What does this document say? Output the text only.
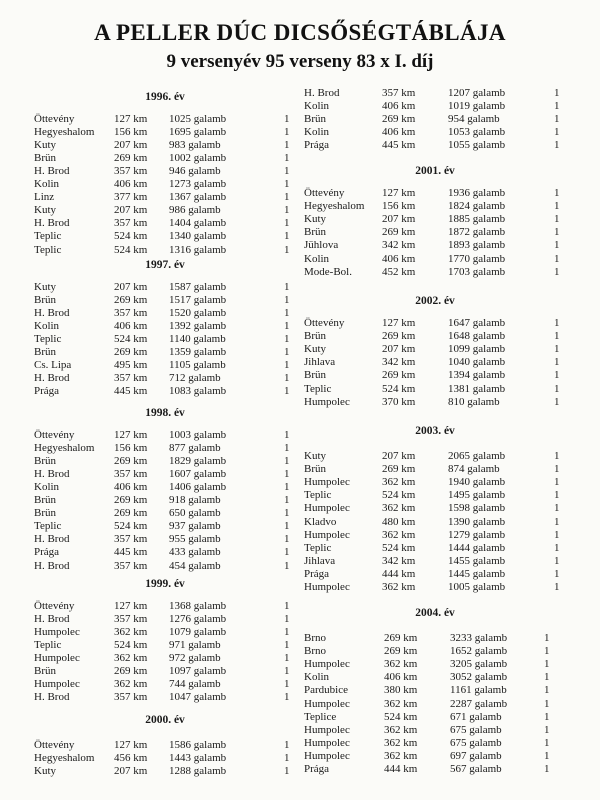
A PELLER DÚC DICSŐSÉGTÁBLÁJA
9 versenyév 95 verseny 83 x I. díj
1996. év
Öttevény	127 km 1025 galamb	1
Hegyeshalom 156 km 1695 galamb	1
Kuty	207 km 983 galamb	1
Brün	269 km 1002 galamb	1
H. Brod	357 km 946 galamb	1
Kolin	406 km 1273 galamb	1
Linz	377 km 1367 galamb	1
Kuty	207 km 986 galamb	1
H. Brod	357 km 1404 galamb	1
Teplic	524 km 1340 galamb	1
Teplic	524 km 1316 galamb	1
1997. év
Kuty	207 km 1587 galamb	1
Brün	269 km 1517 galamb	1
H. Brod	357 km 1520 galamb	1
Kolin	406 km 1392 galamb	1
Teplic	524 km 1140 galamb	1
Brün	269 km 1359 galamb	1
Cs. Lipa	495 km 1105 galamb	1
H. Brod	357 km 712 galamb	1
Prága	445 km 1083 galamb	1
1998. év
Öttevény	127 km 1003 galamb	1
Hegyeshalom 156 km 877 galamb	1
Brün	269 km 1829 galamb	1
H. Brod	357 km 1607 galamb	1
Kolin	406 km 1406 galamb	1
Brün	269 km 918 galamb	1
Brün	269 km 650 galamb	1
Teplic	524 km 937 galamb	1
H. Brod	357 km 955 galamb	1
Prága	445 km 433 galamb	1
H. Brod	357 km 454 galamb	1
1999. év
Öttevény	127 km 1368 galamb	1
H. Brod	357 km 1276 galamb	1
Humpolec	362 km 1079 galamb	1
Teplic	524 km 971 galamb	1
Humpolec	362 km 972 galamb	1
Brün	269 km 1097 galamb	1
Humpolec	362 km 744 galamb	1
H. Brod	357 km 1047 galamb	1
2000. év
Öttevény	127 km 1586 galamb	1
Hegyeshalom 456 km 1443 galamb	1
Kuty	207 km 1288 galamb	1
H. Brod	357 km	1207 galamb	1
Kolin	406 km	1019 galamb	1
Brün	269 km	954 galamb	1
Kolin	406 km	1053 galamb	1
Prága	445 km	1055 galamb	1
2001. év
Öttevény	127 km	1936 galamb	1
Hegyeshalom 156 km	1824 galamb	1
Kuty	207 km	1885 galamb	1
Brün	269 km	1872 galamb	1
Jühlova	342 km	1893 galamb	1
Kolin	406 km	1770 galamb	1
Mode-Bol.	452 km	1703 galamb	1
2002. év
Öttevény	127 km	1647 galamb	1
Brün	269 km	1648 galamb	1
Kuty	207 km	1099 galamb	1
Jihlava	342 km	1040 galamb	1
Brün	269 km	1394 galamb	1
Teplic	524 km	1381 galamb	1
Humpolec	370 km	810 galamb	1
2003. év
Kuty	207 km	2065 galamb	1
Brün	269 km	874 galamb	1
Humpolec	362 km	1940 galamb	1
Teplic	524 km	1495 galamb	1
Humpolec	362 km	1598 galamb	1
Kladvo	480 km	1390 galamb	1
Humpolec	362 km	1279 galamb	1
Teplic	524 km	1444 galamb	1
Jihlava	342 km	1455 galamb	1
Prága	444 km	1445 galamb	1
Humpolec	362 km	1005 galamb	1
2004. év
Brno	269 km	3233 galamb	1
Brno	269 km	1652 galamb	1
Humpolec	362 km	3205 galamb	1
Kolin	406 km	3052 galamb	1
Pardubice	380 km	1161 galamb	1
Humpolec	362 km	2287 galamb	1
Teplice	524 km	671 galamb	1
Humpolec	362 km	675 galamb	1
Humpolec	362 km	675 galamb	1
Humpolec	362 km	697 galamb	1
Prága	444 km	567 galamb	1
